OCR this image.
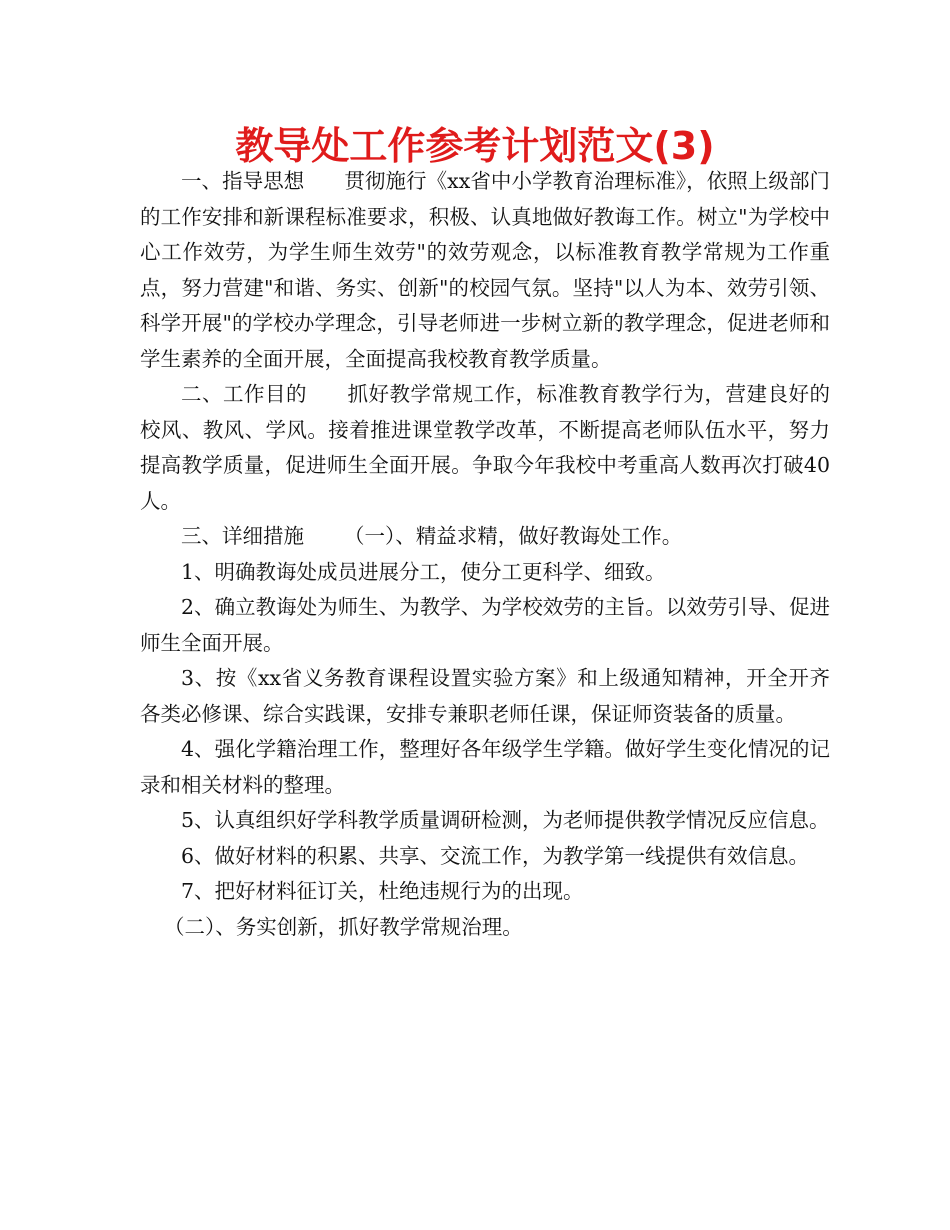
教导处工作参考计划范文(3)

一、指导思想 贯彻施行《xx省中小学教育治理标准》，依照上级部门的工作安排和新课程标准要求，积极、认真地做好教诲工作。树立"为学校中心工作效劳，为学生师生效劳"的效劳观念，以标准教育教学常规为工作重点，努力营建"和谐、务实、创新"的校园气氛。坚持"以人为本、效劳引领、科学开展"的学校办学理念，引导老师进一步树立新的教学理念，促进老师和学生素养的全面开展，全面提高我校教育教学质量。

二、工作目的 抓好教学常规工作，标准教育教学行为，营建良好的校风、教风、学风。接着推进课堂教学改革，不断提高老师队伍水平，努力提高教学质量，促进师生全面开展。争取今年我校中考重高人数再次打破40人。

三、详细措施 （一）、精益求精，做好教诲处工作。

1、明确教诲处成员进展分工，使分工更科学、细致。

2、确立教诲处为师生、为教学、为学校效劳的主旨。以效劳引导、促进师生全面开展。

3、按《xx省义务教育课程设置实验方案》和上级通知精神，开全开齐各类必修课、综合实践课，安排专兼职老师任课，保证师资装备的质量。

4、强化学籍治理工作，整理好各年级学生学籍。做好学生变化情况的记录和相关材料的整理。

5、认真组织好学科教学质量调研检测，为老师提供教学情况反应信息。

6、做好材料的积累、共享、交流工作，为教学第一线提供有效信息。

7、把好材料征订关，杜绝违规行为的出现。

（二）、务实创新，抓好教学常规治理。
